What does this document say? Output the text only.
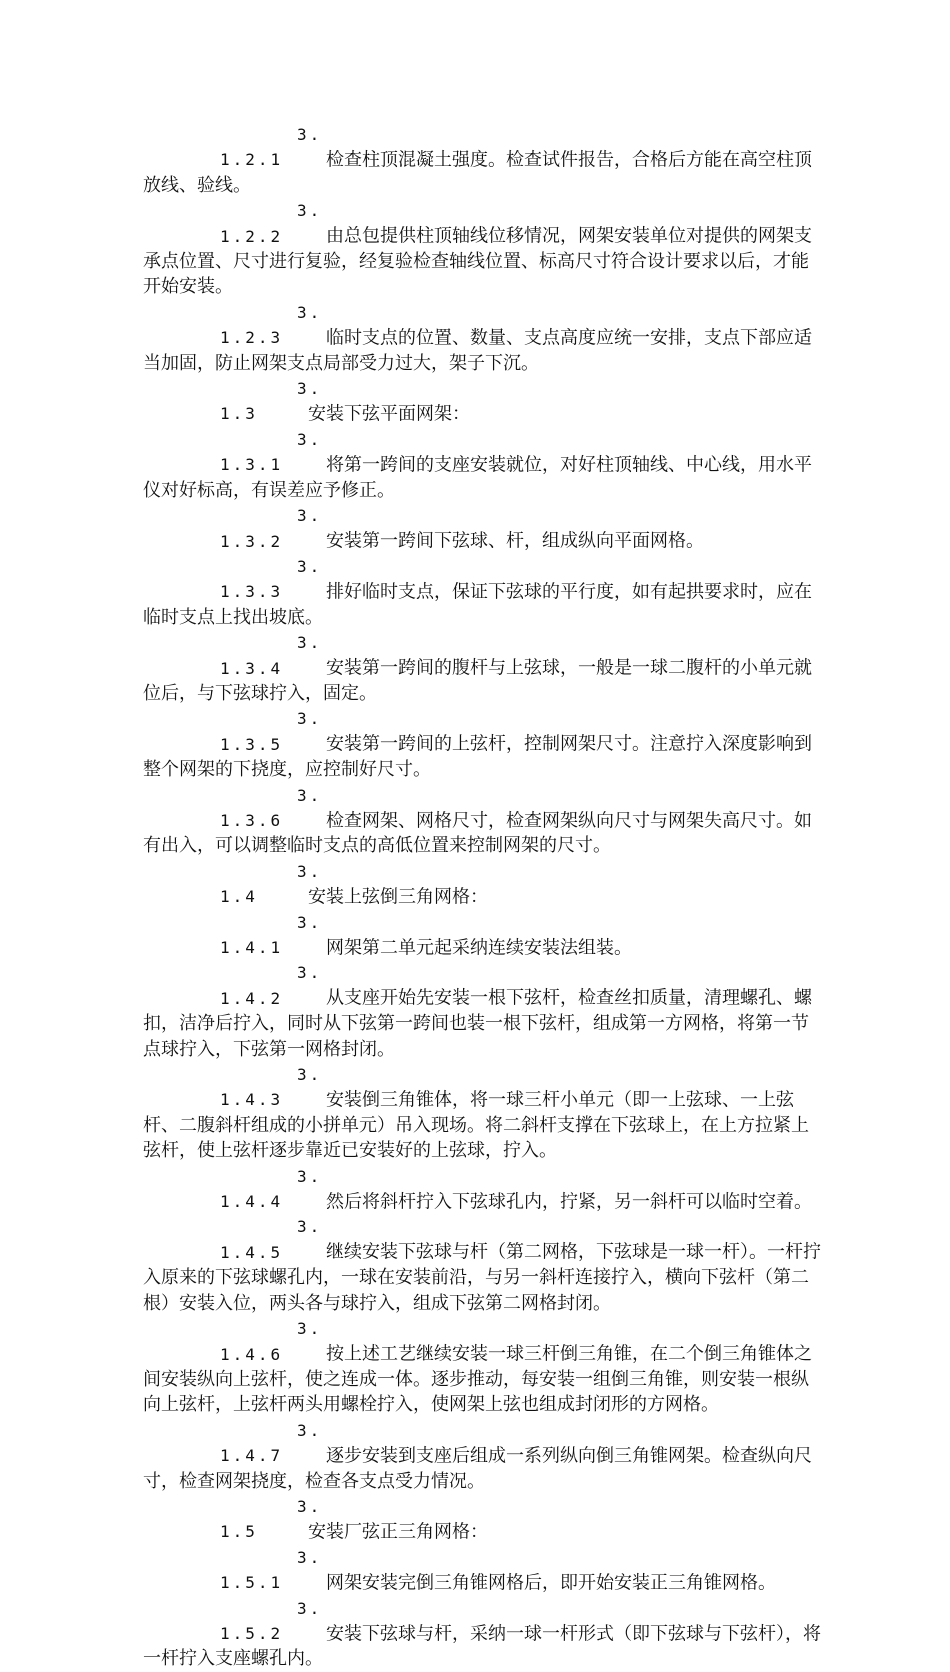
3.1.2.1 检查柱顶混凝土强度。检查试件报告，合格后方能在高空柱顶放线、验线。

3.1.2.2 由总包提供柱顶轴线位移情况，网架安装单位对提供的网架支承点位置、尺寸进行复验，经复验检查轴线位置、标高尺寸符合设计要求以后，才能开始安装。

3.1.2.3 临时支点的位置、数量、支点高度应统一安排，支点下部应适当加固，防止网架支点局部受力过大，架子下沉。

3.1.3	安装下弦平面网架：

3.1.3.1 将第一跨间的支座安装就位，对好柱顶轴线、中心线，用水平仪对好标高，有误差应予修正。

3.1.3.2 安装第一跨间下弦球、杆，组成纵向平面网格。

3.1.3.3 排好临时支点，保证下弦球的平行度，如有起拱要求时，应在临时支点上找出坡底。

3.1.3.4 安装第一跨间的腹杆与上弦球，一般是一球二腹杆的小单元就位后，与下弦球拧入，固定。

3.1.3.5 安装第一跨间的上弦杆，控制网架尺寸。注意拧入深度影响到整个网架的下挠度，应控制好尺寸。

3.1.3.6 检查网架、网格尺寸，检查网架纵向尺寸与网架失高尺寸。如有出入，可以调整临时支点的高低位置来控制网架的尺寸。

3.1.4	安装上弦倒三角网格：

3.1.4.1 网架第二单元起采纳连续安装法组装。

3.1.4.2 从支座开始先安装一根下弦杆，检查丝扣质量，清理螺孔、螺扣，洁净后拧入，同时从下弦第一跨间也装一根下弦杆，组成第一方网格，将第一节点球拧入，下弦第一网格封闭。

3.1.4.3 安装倒三角锥体，将一球三杆小单元（即一上弦球、一上弦杆、二腹斜杆组成的小拼单元）吊入现场。将二斜杆支撑在下弦球上，在上方拉紧上弦杆，使上弦杆逐步靠近已安装好的上弦球，拧入。

3.1.4.4 然后将斜杆拧入下弦球孔内，拧紧，另一斜杆可以临时空着。

3.1.4.5 继续安装下弦球与杆（第二网格，下弦球是一球一杆）。一杆拧入原来的下弦球螺孔内，一球在安装前沿，与另一斜杆连接拧入，横向下弦杆（第二根）安装入位，两头各与球拧入，组成下弦第二网格封闭。

3.1.4.6 按上述工艺继续安装一球三杆倒三角锥，在二个倒三角锥体之间安装纵向上弦杆，使之连成一体。逐步推动，每安装一组倒三角锥，则安装一根纵向上弦杆，上弦杆两头用螺栓拧入，使网架上弦也组成封闭形的方网格。

3.1.4.7 逐步安装到支座后组成一系列纵向倒三角锥网架。检查纵向尺寸，检查网架挠度，检查各支点受力情况。

3.1.5	安装厂弦正三角网格：

3.1.5.1 网架安装完倒三角锥网格后，即开始安装正三角锥网格。

3.1.5.2 安装下弦球与杆，采纳一球一杆形式（即下弦球与下弦杆），将一杆拧入支座螺孔内。
